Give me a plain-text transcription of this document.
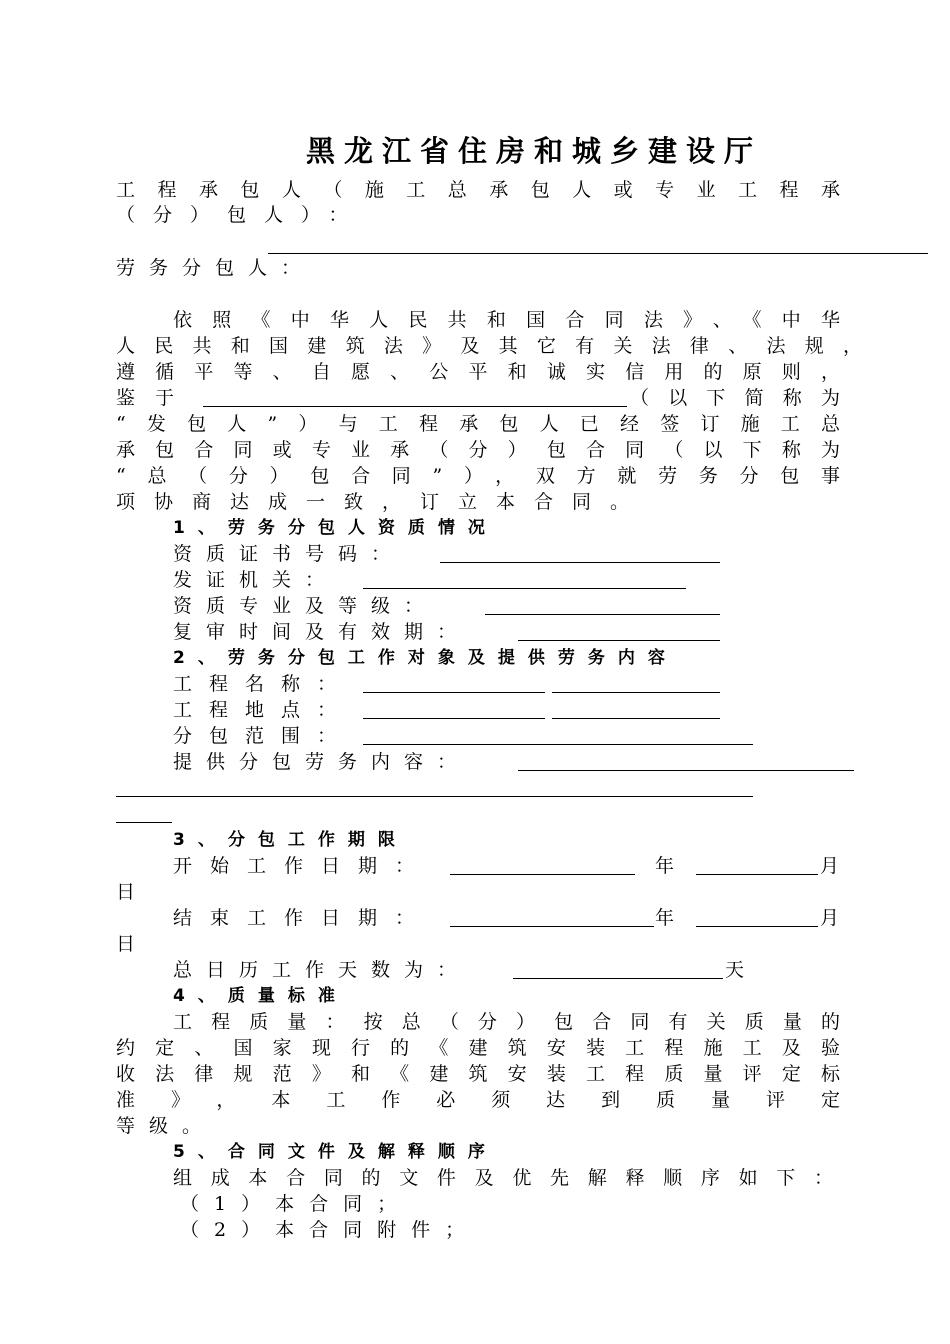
黑龙江省住房和城乡建设厅
工程承包人（施工总承包人或专业工程承
（分）包人）：
劳务分包人：
依照《中华人民共和国合同法》、《中华
人民共和国建筑法》及其它有关法律、法规，
遵循平等、自愿、公平和诚实信用的原则，
鉴于	（以下简称为
“发包人”）与工程承包人已经签订施工总
承包合同或专业承（分）包合同（以下称为
“总（分）包合同”），双方就劳务分包事
项协商达成一致，订立本合同。
1、劳务分包人资质情况
资质证书号码：
发证机关：
资质专业及等级：
复审时间及有效期：
2、劳务分包工作对象及提供劳务内容
工程名称：
工程地点：
分包范围：
提供分包劳务内容：
3、分包工作期限
开始工作日期：	年	月
日
结束工作日期：	年	月
日
总日历工作天数为：	天
4、质量标准
工程质量：按总（分）包合同有关质量的
约定、国家现行的《建筑安装工程施工及验
收法律规范》和《建筑安装工程质量评定标
准》，本工作必须达到质量评定
等级。
5、合同文件及解释顺序
组成本合同的文件及优先解释顺序如下：
（1）本合同；
（2）本合同附件；
